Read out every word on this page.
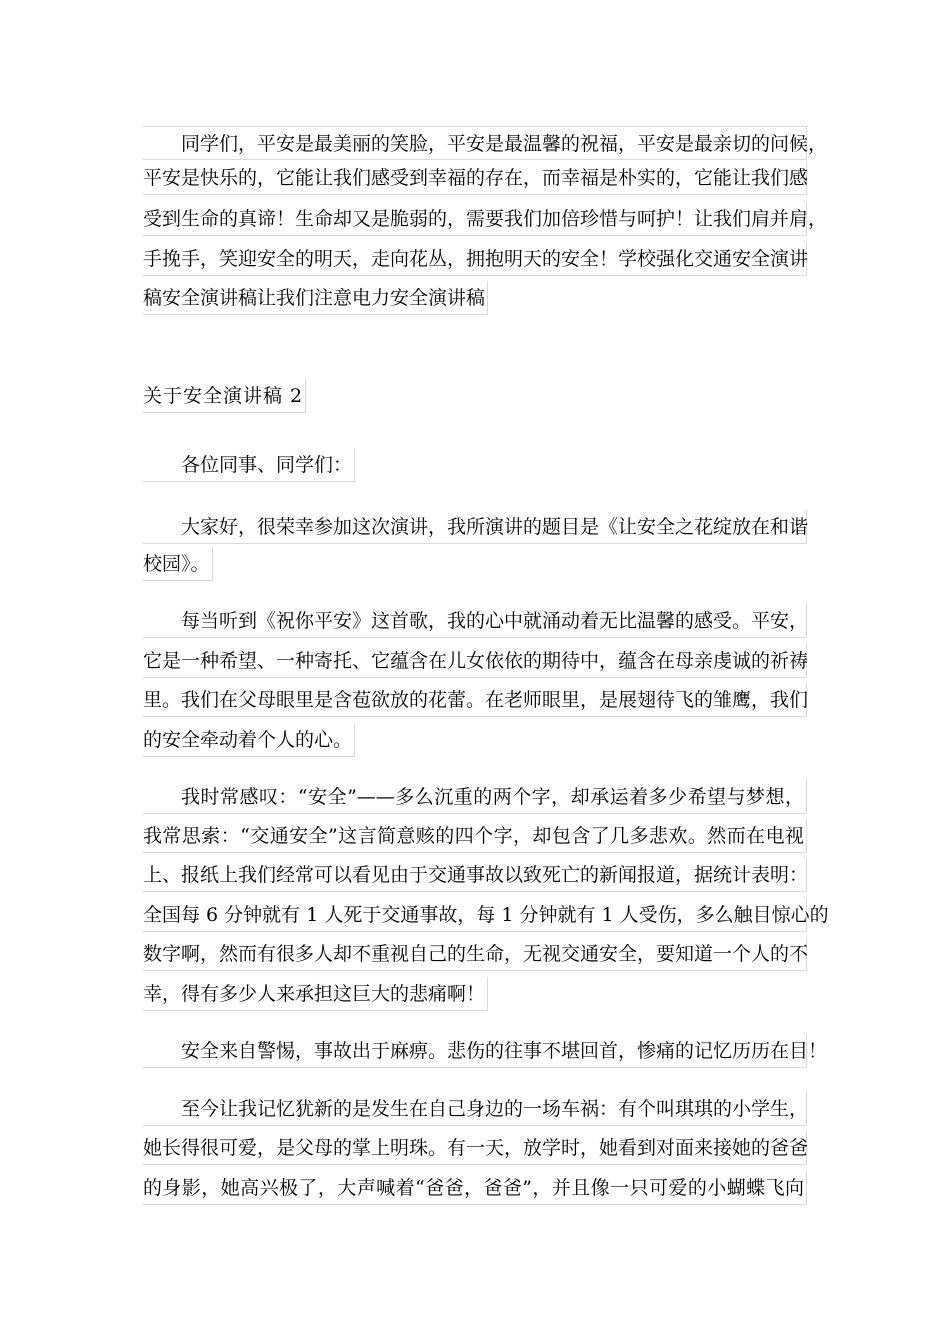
同学们，平安是最美丽的笑脸，平安是最温馨的祝福，平安是最亲切的问候，
平安是快乐的，它能让我们感受到幸福的存在，而幸福是朴实的，它能让我们感
受到生命的真谛！生命却又是脆弱的，需要我们加倍珍惜与呵护！让我们肩并肩，
手挽手，笑迎安全的明天，走向花丛，拥抱明天的安全！学校强化交通安全演讲
稿安全演讲稿让我们注意电力安全演讲稿
关于安全演讲稿 2
各位同事、同学们：
大家好，很荣幸参加这次演讲，我所演讲的题目是《让安全之花绽放在和谐
校园》。
每当听到《祝你平安》这首歌，我的心中就涌动着无比温馨的感受。平安，
它是一种希望、一种寄托、它蕴含在儿女依依的期待中，蕴含在母亲虔诚的祈祷
里。我们在父母眼里是含苞欲放的花蕾。在老师眼里，是展翅待飞的雏鹰，我们
的安全牵动着个人的心。
我时常感叹：“安全”——多么沉重的两个字，却承运着多少希望与梦想，
我常思索：“交通安全”这言简意赅的四个字，却包含了几多悲欢。然而在电视
上、报纸上我们经常可以看见由于交通事故以致死亡的新闻报道，据统计表明：
全国每 6 分钟就有 1 人死于交通事故，每 1 分钟就有 1 人受伤，多么触目惊心的
数字啊，然而有很多人却不重视自己的生命，无视交通安全，要知道一个人的不
幸，得有多少人来承担这巨大的悲痛啊！
安全来自警惕，事故出于麻痹。悲伤的往事不堪回首，惨痛的记忆历历在目！
至今让我记忆犹新的是发生在自己身边的一场车祸：有个叫琪琪的小学生，
她长得很可爱，是父母的掌上明珠。有一天，放学时，她看到对面来接她的爸爸
的身影，她高兴极了，大声喊着“爸爸，爸爸”，并且像一只可爱的小蝴蝶飞向
